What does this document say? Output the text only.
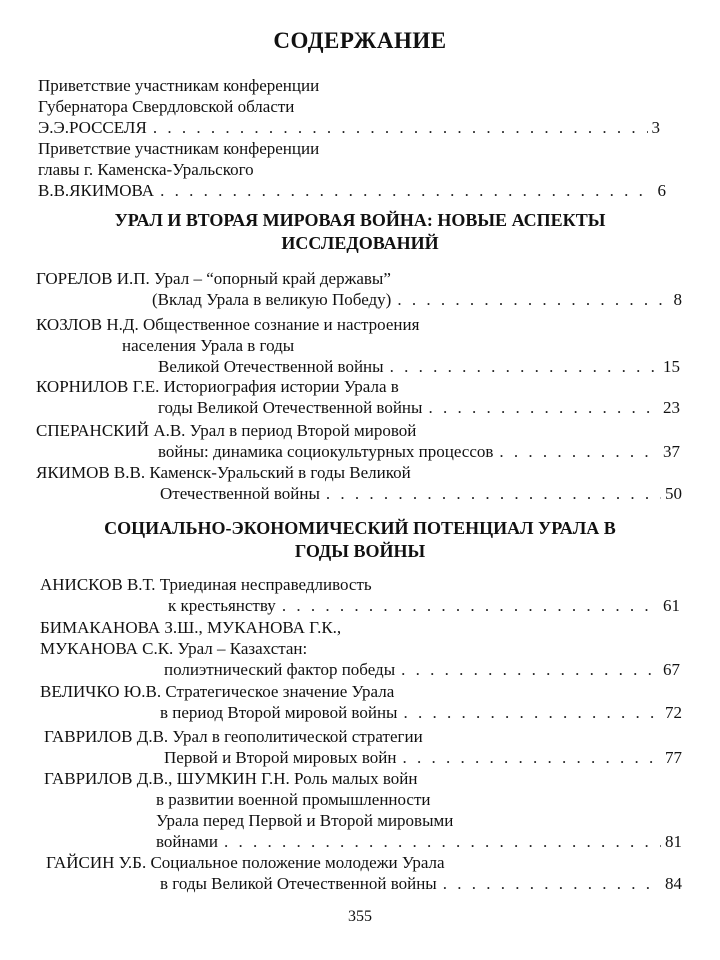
СОДЕРЖАНИЕ
Приветствие участникам конференции
Губернатора Свердловской области
Э.Э.РОССЕЛЯ . . .	3
Приветствие участникам конференции
главы г. Каменска-Уральского
В.В.ЯКИМОВА . . .	6
УРАЛ И ВТОРАЯ МИРОВАЯ ВОЙНА: НОВЫЕ АСПЕКТЫ
ИССЛЕДОВАНИЙ
ГОРЕЛОВ И.П. Урал – “опорный край державы”
(Вклад Урала в великую Победу) . . .	8
КОЗЛОВ Н.Д. Общественное сознание и настроения
населения Урала в годы
Великой Отечественной войны . . .	15
КОРНИЛОВ Г.Е. Историография истории Урала в
годы Великой Отечественной войны . . .	23
СПЕРАНСКИЙ А.В. Урал в период Второй мировой
войны: динамика социокультурных процессов . . .	37
ЯКИМОВ В.В. Каменск-Уральский в годы Великой
Отечественной войны . . .	50
СОЦИАЛЬНО-ЭКОНОМИЧЕСКИЙ ПОТЕНЦИАЛ УРАЛА В
ГОДЫ ВОЙНЫ
АНИСКОВ В.Т. Триединая несправедливость
к крестьянству . . .	61
БИМАКАНОВА З.Ш., МУКАНОВА Г.К.,
МУКАНОВА С.К. Урал – Казахстан:
полиэтнический фактор победы . . .	67
ВЕЛИЧКО Ю.В. Стратегическое значение Урала
в период Второй мировой войны . . .	72
ГАВРИЛОВ Д.В. Урал в геополитической стратегии
Первой и Второй мировых войн . . .	77
ГАВРИЛОВ Д.В., ШУМКИН Г.Н. Роль малых войн
в развитии военной промышленности
Урала перед Первой и Второй мировыми
войнами . . .	81
ГАЙСИН У.Б. Социальное положение молодежи Урала
в годы Великой Отечественной войны . . .	84
355
